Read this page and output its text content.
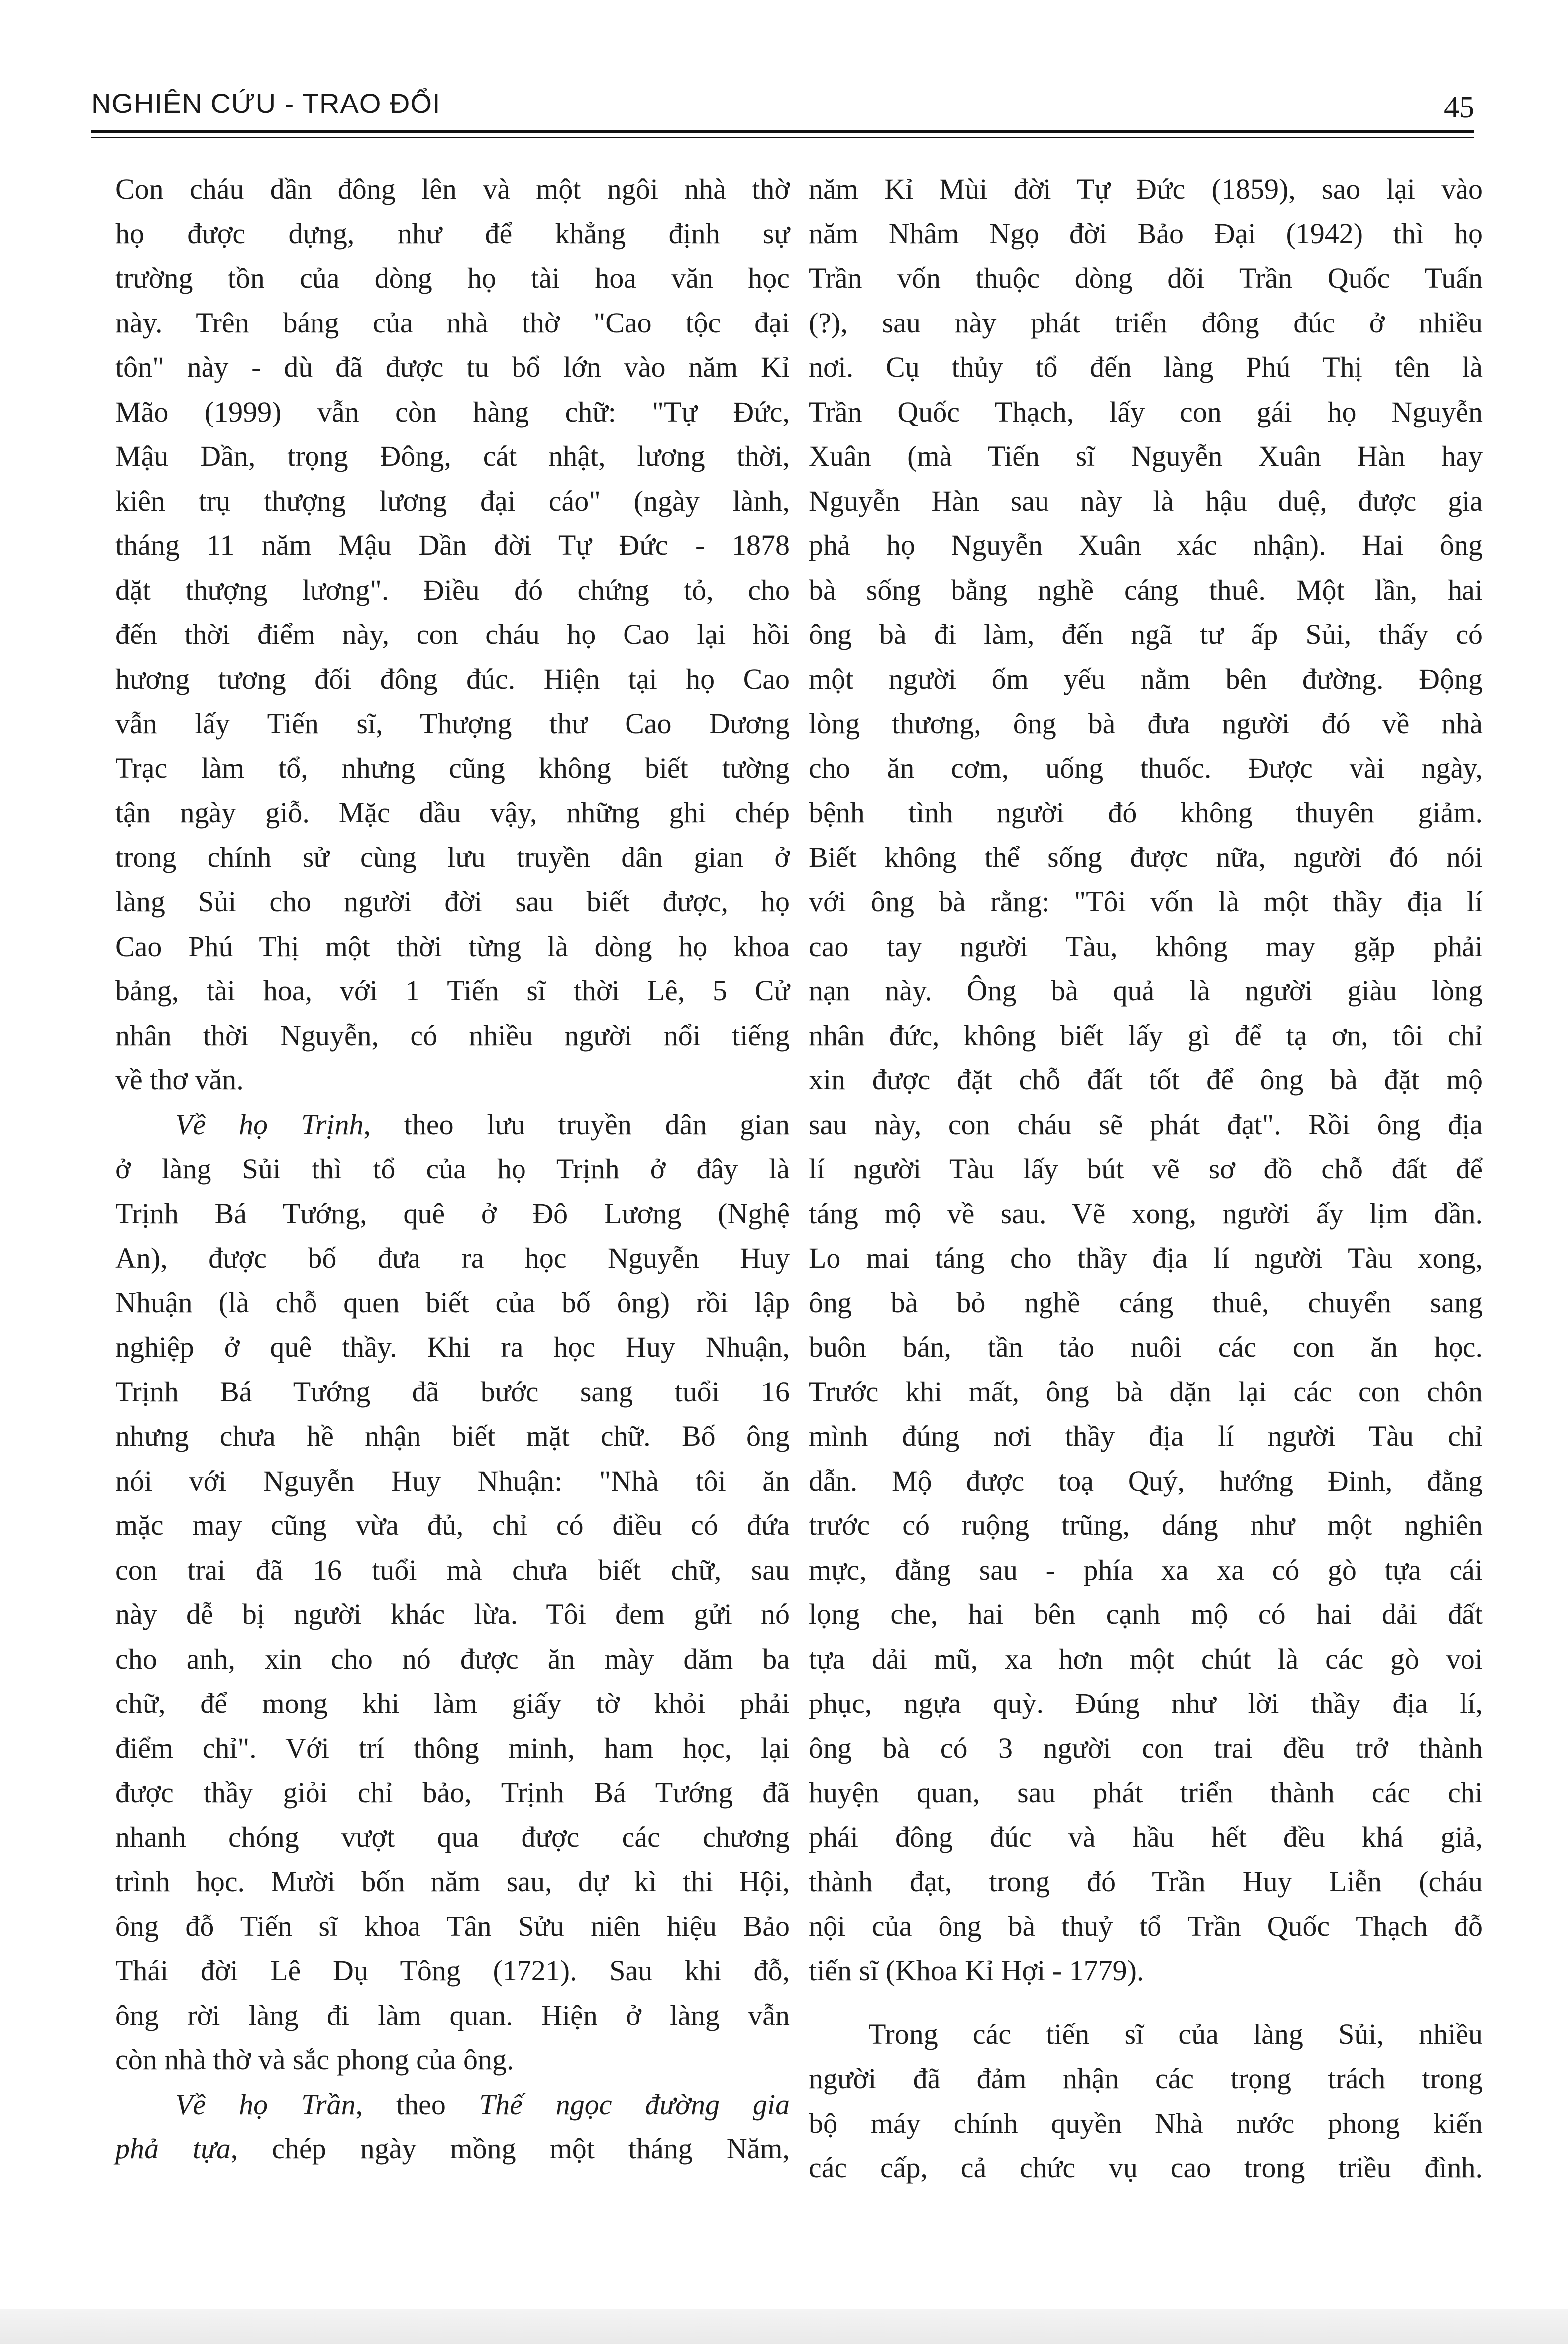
NGHIÊN CỨU - TRAO ĐỔI	45
Con cháu dần đông lên và một ngôi nhà thờ
họ được dựng, như để khẳng định sự
trường tồn của dòng họ tài hoa văn học
này. Trên báng của nhà thờ "Cao tộc đại
tôn" này - dù đã được tu bổ lớn vào năm Kỉ
Mão (1999) vẫn còn hàng chữ: "Tự Đức,
Mậu Dần, trọng Đông, cát nhật, lương thời,
kiên trụ thượng lương đại cáo" (ngày lành,
tháng 11 năm Mậu Dần đời Tự Đức - 1878
dặt thượng lương". Điều đó chứng tỏ, cho
đến thời điểm này, con cháu họ Cao lại hồi
hương tương đối đông đúc. Hiện tại họ Cao
vẫn lấy Tiến sĩ, Thượng thư Cao Dương
Trạc làm tổ, nhưng cũng không biết tường
tận ngày giỗ. Mặc dầu vậy, những ghi chép
trong chính sử cùng lưu truyền dân gian ở
làng Sủi cho người đời sau biết được, họ
Cao Phú Thị một thời từng là dòng họ khoa
bảng, tài hoa, với 1 Tiến sĩ thời Lê, 5 Cử
nhân thời Nguyễn, có nhiều người nổi tiếng
về thơ văn.
Về họ Trịnh, theo lưu truyền dân gian
ở làng Sủi thì tổ của họ Trịnh ở đây là
Trịnh Bá Tướng, quê ở Đô Lương (Nghệ
An), được bố đưa ra học Nguyễn Huy
Nhuận (là chỗ quen biết của bố ông) rồi lập
nghiệp ở quê thầy. Khi ra học Huy Nhuận,
Trịnh Bá Tướng đã bước sang tuổi 16
nhưng chưa hề nhận biết mặt chữ. Bố ông
nói với Nguyễn Huy Nhuận: "Nhà tôi ăn
mặc may cũng vừa đủ, chỉ có điều có đứa
con trai đã 16 tuổi mà chưa biết chữ, sau
này dễ bị người khác lừa. Tôi đem gửi nó
cho anh, xin cho nó được ăn mày dăm ba
chữ, để mong khi làm giấy tờ khỏi phải
điểm chỉ". Với trí thông minh, ham học, lại
được thầy giỏi chỉ bảo, Trịnh Bá Tướng đã
nhanh chóng vượt qua được các chương
trình học. Mười bốn năm sau, dự kì thi Hội,
ông đỗ Tiến sĩ khoa Tân Sửu niên hiệu Bảo
Thái đời Lê Dụ Tông (1721). Sau khi đỗ,
ông rời làng đi làm quan. Hiện ở làng vẫn
còn nhà thờ và sắc phong của ông.
Về họ Trần, theo Thế ngọc đường gia
phả tựa, chép ngày mồng một tháng Năm,
năm Kỉ Mùi đời Tự Đức (1859), sao lại vào
năm Nhâm Ngọ đời Bảo Đại (1942) thì họ
Trần vốn thuộc dòng dõi Trần Quốc Tuấn
(?), sau này phát triển đông đúc ở nhiều
nơi. Cụ thủy tổ đến làng Phú Thị tên là
Trần Quốc Thạch, lấy con gái họ Nguyễn
Xuân (mà Tiến sĩ Nguyễn Xuân Hàn hay
Nguyễn Hàn sau này là hậu duệ, được gia
phả họ Nguyễn Xuân xác nhận). Hai ông
bà sống bằng nghề cáng thuê. Một lần, hai
ông bà đi làm, đến ngã tư ấp Sủi, thấy có
một người ốm yếu nằm bên đường. Động
lòng thương, ông bà đưa người đó về nhà
cho ăn cơm, uống thuốc. Được vài ngày,
bệnh tình người đó không thuyên giảm.
Biết không thể sống được nữa, người đó nói
với ông bà rằng: "Tôi vốn là một thầy địa lí
cao tay người Tàu, không may gặp phải
nạn này. Ông bà quả là người giàu lòng
nhân đức, không biết lấy gì để tạ ơn, tôi chỉ
xin được đặt chỗ đất tốt để ông bà đặt mộ
sau này, con cháu sẽ phát đạt". Rồi ông địa
lí người Tàu lấy bút vẽ sơ đồ chỗ đất để
táng mộ về sau. Vẽ xong, người ấy lịm dần.
Lo mai táng cho thầy địa lí người Tàu xong,
ông bà bỏ nghề cáng thuê, chuyển sang
buôn bán, tần tảo nuôi các con ăn học.
Trước khi mất, ông bà dặn lại các con chôn
mình đúng nơi thầy địa lí người Tàu chỉ
dẫn. Mộ được toạ Quý, hướng Đinh, đằng
trước có ruộng trũng, dáng như một nghiên
mực, đằng sau - phía xa xa có gò tựa cái
lọng che, hai bên cạnh mộ có hai dải đất
tựa dải mũ, xa hơn một chút là các gò voi
phục, ngựa quỳ. Đúng như lời thầy địa lí,
ông bà có 3 người con trai đều trở thành
huyện quan, sau phát triển thành các chi
phái đông đúc và hầu hết đều khá giả,
thành đạt, trong đó Trần Huy Liễn (cháu
nội của ông bà thuỷ tổ Trần Quốc Thạch đỗ
tiến sĩ (Khoa Kỉ Hợi - 1779).
Trong các tiến sĩ của làng Sủi, nhiều
người đã đảm nhận các trọng trách trong
bộ máy chính quyền Nhà nước phong kiến
các cấp, cả chức vụ cao trong triều đình.
